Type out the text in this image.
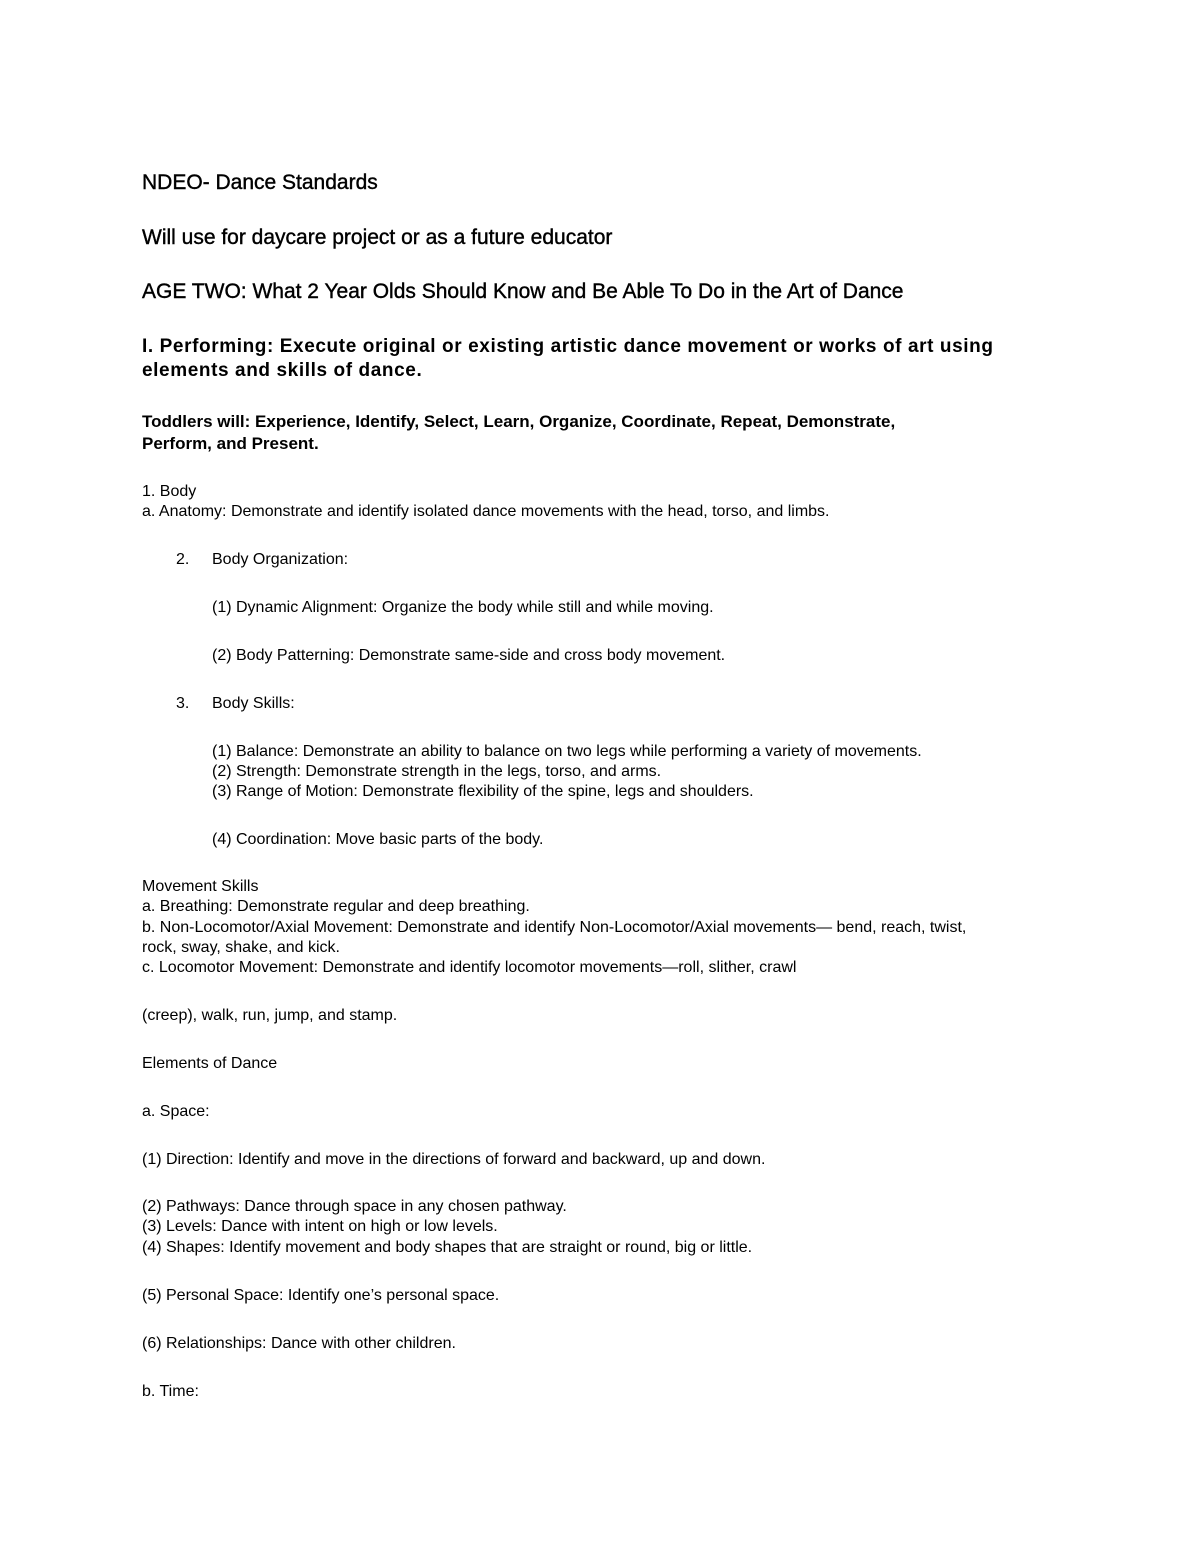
NDEO- Dance Standards
Will use for daycare project or as a future educator
AGE TWO: What 2 Year Olds Should Know and Be Able To Do in the Art of Dance
I. Performing: Execute original or existing artistic dance movement or works of art using
elements and skills of dance.
Toddlers will: Experience, Identify, Select, Learn, Organize, Coordinate, Repeat, Demonstrate,
Perform, and Present.
1. Body
a. Anatomy: Demonstrate and identify isolated dance movements with the head, torso, and limbs.
2. Body Organization:
(1) Dynamic Alignment: Organize the body while still and while moving.
(2) Body Patterning: Demonstrate same-side and cross body movement.
3. Body Skills:
(1) Balance: Demonstrate an ability to balance on two legs while performing a variety of movements.
(2) Strength: Demonstrate strength in the legs, torso, and arms.
(3) Range of Motion: Demonstrate flexibility of the spine, legs and shoulders.
(4) Coordination: Move basic parts of the body.
Movement Skills
a. Breathing: Demonstrate regular and deep breathing.
b. Non-Locomotor/Axial Movement: Demonstrate and identify Non-Locomotor/Axial movements— bend, reach, twist,
rock, sway, shake, and kick.
c. Locomotor Movement: Demonstrate and identify locomotor movements—roll, slither, crawl
(creep), walk, run, jump, and stamp.
Elements of Dance
a. Space:
(1) Direction: Identify and move in the directions of forward and backward, up and down.
(2) Pathways: Dance through space in any chosen pathway.
(3) Levels: Dance with intent on high or low levels.
(4) Shapes: Identify movement and body shapes that are straight or round, big or little.
(5) Personal Space: Identify one’s personal space.
(6) Relationships: Dance with other children.
b. Time:
